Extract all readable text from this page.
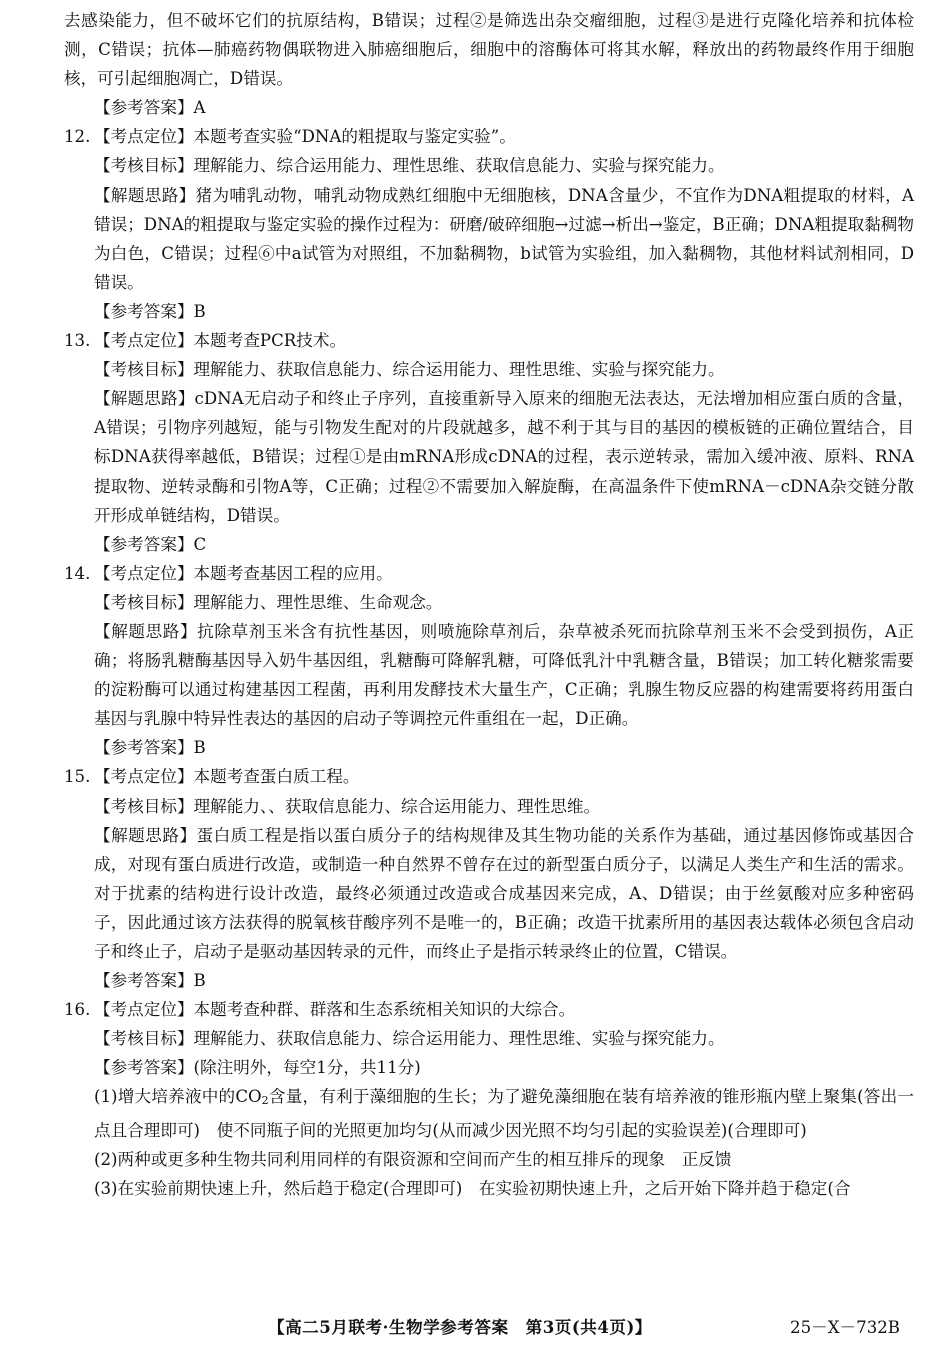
去感染能力，但不破坏它们的抗原结构，B错误；过程②是筛选出杂交瘤细胞，过程③是进行克隆化培养和抗体检测，C错误；抗体—肺癌药物偶联物进入肺癌细胞后，细胞中的溶酶体可将其水解，释放出的药物最终作用于细胞核，可引起细胞凋亡，D错误。

【参考答案】A

12. 【考点定位】本题考查实验“DNA的粗提取与鉴定实验”。

【考核目标】理解能力、综合运用能力、理性思维、获取信息能力、实验与探究能力。

【解题思路】猪为哺乳动物，哺乳动物成熟红细胞中无细胞核，DNA含量少，不宜作为DNA粗提取的材料，A错误；DNA的粗提取与鉴定实验的操作过程为：研磨/破碎细胞→过滤→析出→鉴定，B正确；DNA粗提取黏稠物为白色，C错误；过程⑥中a试管为对照组，不加黏稠物，b试管为实验组，加入黏稠物，其他材料试剂相同，D错误。

【参考答案】B

13. 【考点定位】本题考查PCR技术。

【考核目标】理解能力、获取信息能力、综合运用能力、理性思维、实验与探究能力。

【解题思路】cDNA无启动子和终止子序列，直接重新导入原来的细胞无法表达，无法增加相应蛋白质的含量，A错误；引物序列越短，能与引物发生配对的片段就越多，越不利于其与目的基因的模板链的正确位置结合，目标DNA获得率越低，B错误；过程①是由mRNA形成cDNA的过程，表示逆转录，需加入缓冲液、原料、RNA提取物、逆转录酶和引物A等，C正确；过程②不需要加入解旋酶，在高温条件下使mRNA－cDNA杂交链分散开形成单链结构，D错误。

【参考答案】C

14. 【考点定位】本题考查基因工程的应用。

【考核目标】理解能力、理性思维、生命观念。

【解题思路】抗除草剂玉米含有抗性基因，则喷施除草剂后，杂草被杀死而抗除草剂玉米不会受到损伤，A正确；将肠乳糖酶基因导入奶牛基因组，乳糖酶可降解乳糖，可降低乳汁中乳糖含量，B错误；加工转化糖浆需要的淀粉酶可以通过构建基因工程菌，再利用发酵技术大量生产，C正确；乳腺生物反应器的构建需要将药用蛋白基因与乳腺中特异性表达的基因的启动子等调控元件重组在一起，D正确。

【参考答案】B

15. 【考点定位】本题考查蛋白质工程。

【考核目标】理解能力、、获取信息能力、综合运用能力、理性思维。

【解题思路】蛋白质工程是指以蛋白质分子的结构规律及其生物功能的关系作为基础，通过基因修饰或基因合成，对现有蛋白质进行改造，或制造一种自然界不曾存在过的新型蛋白质分子，以满足人类生产和生活的需求。对于扰素的结构进行设计改造，最终必须通过改造或合成基因来完成，A、D错误；由于丝氨酸对应多种密码子，因此通过该方法获得的脱氧核苷酸序列不是唯一的，B正确；改造干扰素所用的基因表达载体必须包含启动子和终止子，启动子是驱动基因转录的元件，而终止子是指示转录终止的位置，C错误。

【参考答案】B

16. 【考点定位】本题考查种群、群落和生态系统相关知识的大综合。

【考核目标】理解能力、获取信息能力、综合运用能力、理性思维、实验与探究能力。

【参考答案】(除注明外，每空1分，共11分)

(1)增大培养液中的CO2含量，有利于藻细胞的生长；为了避免藻细胞在装有培养液的锥形瓶内壁上聚集(答出一点且合理即可)　使不同瓶子间的光照更加均匀(从而减少因光照不均匀引起的实验误差)(合理即可)

(2)两种或更多种生物共同利用同样的有限资源和空间而产生的相互排斥的现象　正反馈

(3)在实验前期快速上升，然后趋于稳定(合理即可)　在实验初期快速上升，之后开始下降并趋于稳定(合

【高二5月联考·生物学参考答案　第3页(共4页)】	25－X－732B
